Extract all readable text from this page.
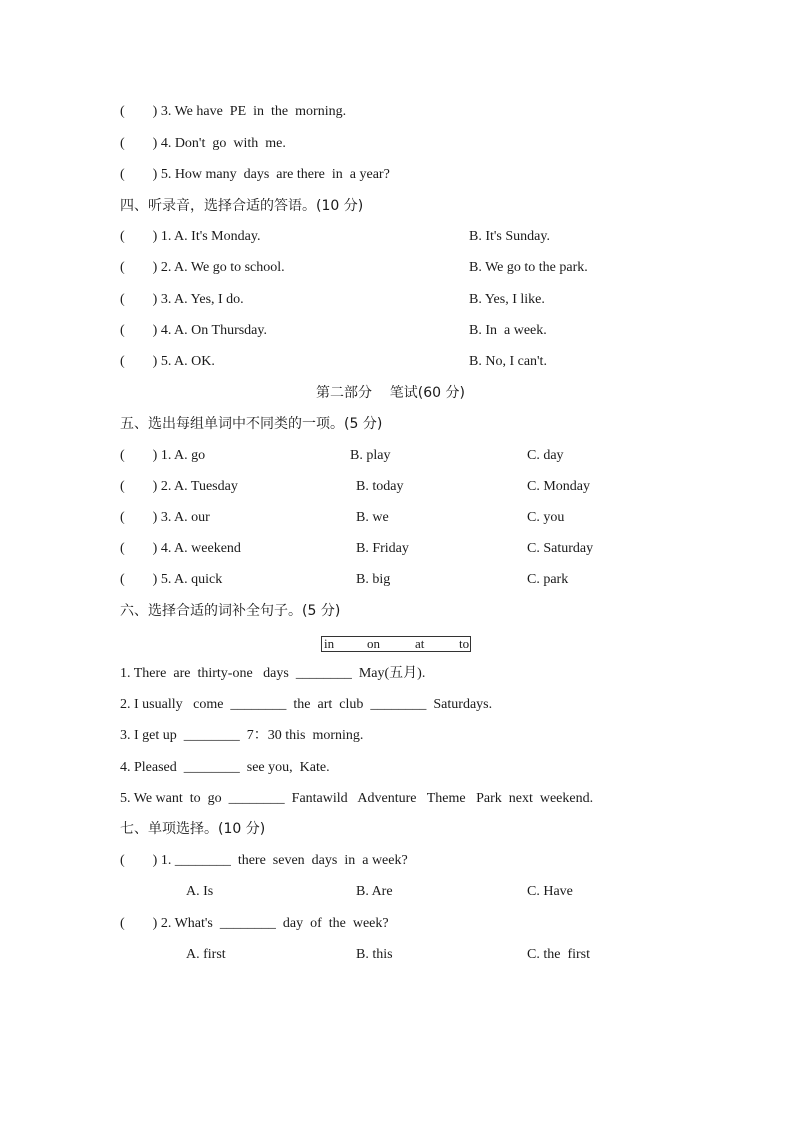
(        ) 3. We have  PE  in  the  morning.
(        ) 4. Don't  go  with  me.
(        ) 5. How many  days  are there  in  a year?
四、听录音，选择合适的答语。(10 分)
(        ) 1. A. It's Monday.	B. It's Sunday.
(        ) 2. A. We go to school.	B. We go to the park.
(        ) 3. A. Yes, I do.	B. Yes, I like.
(        ) 4. A. On Thursday.	B. In  a week.
(        ) 5. A. OK.	B. No, I can't.
第二部分    笔试(60 分)
五、选出每组单词中不同类的一项。(5 分)
(        ) 1. A. go	B. play	C. day
(        ) 2. A. Tuesday	B. today	C. Monday
(        ) 3. A. our	B. we	C. you
(        ) 4. A. weekend	B. Friday	C. Saturday
(        ) 5. A. quick	B. big	C. park
六、选择合适的词补全句子。(5 分)
in	on	at	to
1. There  are  thirty-one   days  ________  May(五月).
2. I usually   come  ________  the  art  club  ________  Saturdays.
3. I get up  ________  7：30 this  morning.
4. Pleased  ________  see you,  Kate.
5. We want  to  go  ________  Fantawild   Adventure   Theme   Park  next  weekend.
七、单项选择。(10 分)
(        ) 1. ________  there  seven  days  in  a week?
A. Is	B. Are	C. Have
(        ) 2. What's  ________  day  of  the  week?
A. first	B. this	C. the  first
